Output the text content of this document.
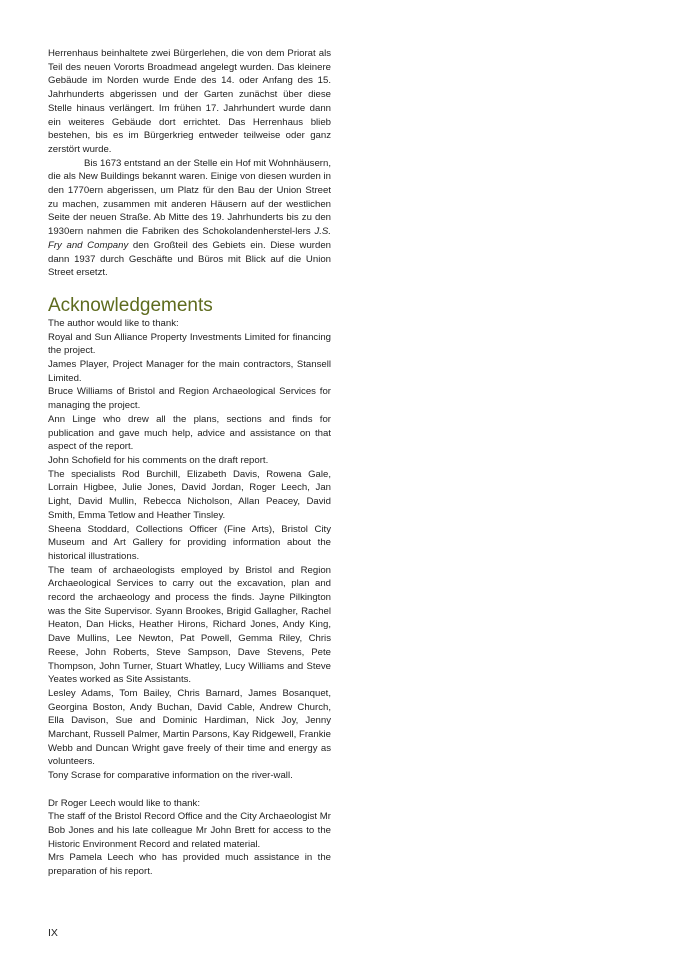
Herrenhaus beinhaltete zwei Bürgerlehen, die von dem Priorat als Teil des neuen Vororts Broadmead angelegt wurden. Das kleinere Gebäude im Norden wurde Ende des 14. oder Anfang des 15. Jahrhunderts abgerissen und der Garten zunächst über diese Stelle hinaus verlängert. Im frühen 17. Jahrhundert wurde dann ein weiteres Gebäude dort errichtet. Das Herrenhaus blieb bestehen, bis es im Bürgerkrieg entweder teilweise oder ganz zerstört wurde.

Bis 1673 entstand an der Stelle ein Hof mit Wohnhäusern, die als New Buildings bekannt waren. Einige von diesen wurden in den 1770ern abgerissen, um Platz für den Bau der Union Street zu machen, zusammen mit anderen Häusern auf der westlichen Seite der neuen Straße. Ab Mitte des 19. Jahrhunderts bis zu den 1930ern nahmen die Fabriken des Schokolandenherstel-lers J.S. Fry and Company den Großteil des Gebiets ein. Diese wurden dann 1937 durch Geschäfte und Büros mit Blick auf die Union Street ersetzt.

Acknowledgements

The author would like to thank:

Royal and Sun Alliance Property Investments Limited for financing the project.

James Player, Project Manager for the main contractors, Stansell Limited.

Bruce Williams of Bristol and Region Archaeological Services for managing the project.

Ann Linge who drew all the plans, sections and finds for publication and gave much help, advice and assistance on that aspect of the report.

John Schofield for his comments on the draft report.

The specialists Rod Burchill, Elizabeth Davis, Rowena Gale, Lorrain Higbee, Julie Jones, David Jordan, Roger Leech, Jan Light, David Mullin, Rebecca Nicholson, Allan Peacey, David Smith, Emma Tetlow and Heather Tinsley.

Sheena Stoddard, Collections Officer (Fine Arts), Bristol City Museum and Art Gallery for providing information about the historical illustrations.

The team of archaeologists employed by Bristol and Region Archaeological Services to carry out the excavation, plan and record the archaeology and process the finds. Jayne Pilkington was the Site Supervisor. Syann Brookes, Brigid Gallagher, Rachel Heaton, Dan Hicks, Heather Hirons, Richard Jones, Andy King, Dave Mullins, Lee Newton, Pat Powell, Gemma Riley, Chris Reese, John Roberts, Steve Sampson, Dave Stevens, Pete Thompson, John Turner, Stuart Whatley, Lucy Williams and Steve Yeates worked as Site Assistants.

Lesley Adams, Tom Bailey, Chris Barnard, James Bosanquet, Georgina Boston, Andy Buchan, David Cable, Andrew Church, Ella Davison, Sue and Dominic Hardiman, Nick Joy, Jenny Marchant, Russell Palmer, Martin Parsons, Kay Ridgewell, Frankie Webb and Duncan Wright gave freely of their time and energy as volunteers.

Tony Scrase for comparative information on the river-wall.

Dr Roger Leech would like to thank:

The staff of the Bristol Record Office and the City Archaeologist Mr Bob Jones and his late colleague Mr John Brett for access to the Historic Environment Record and related material.

Mrs Pamela Leech who has provided much assistance in the preparation of his report.

IX
